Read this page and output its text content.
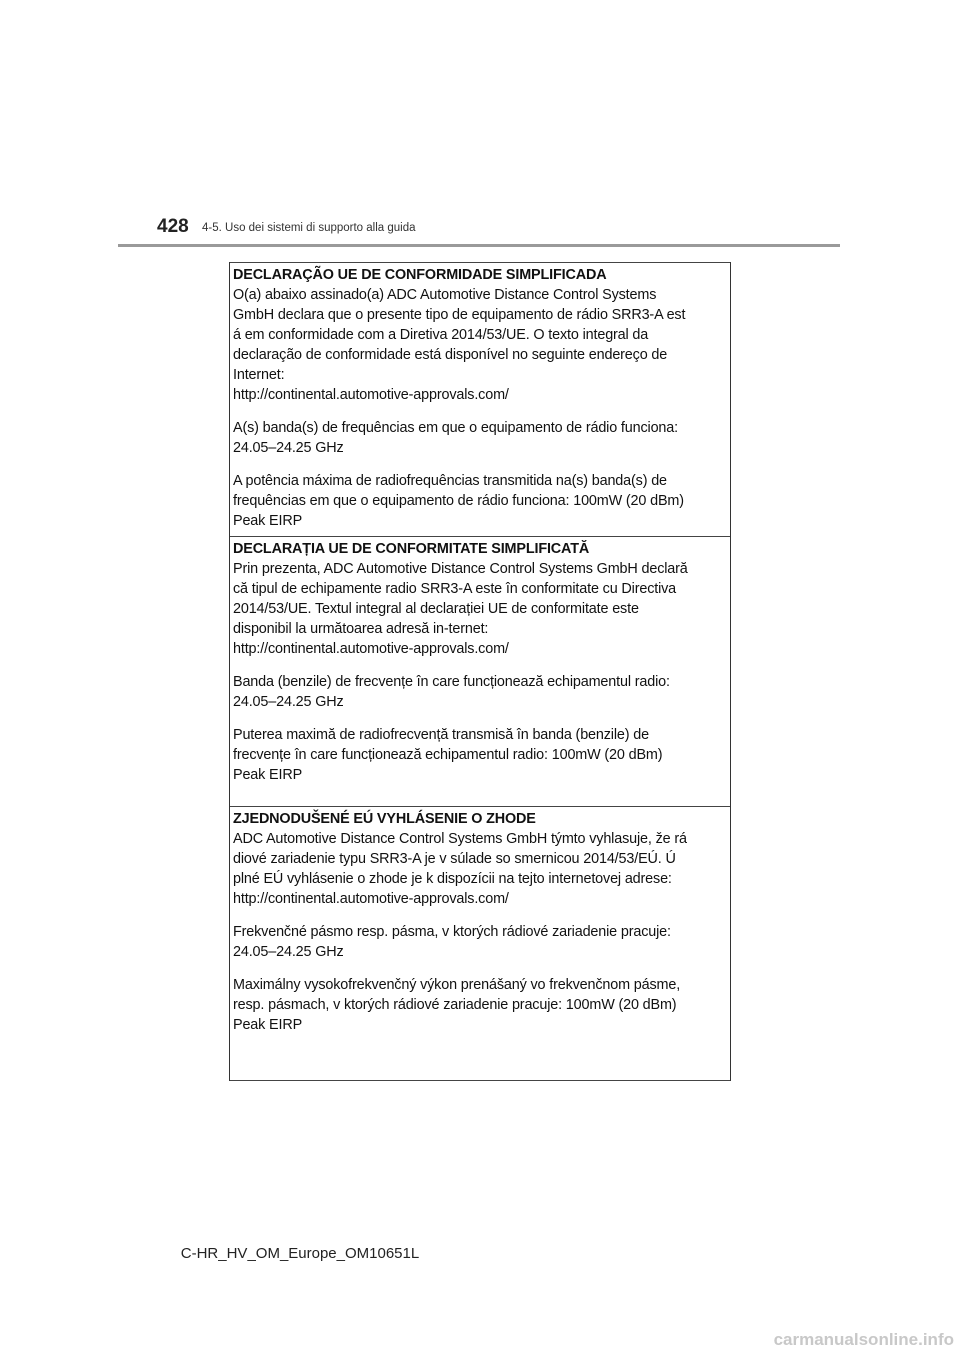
428 4-5. Uso dei sistemi di supporto alla guida
DECLARAÇÃO UE DE CONFORMIDADE SIMPLIFICADA
O(a) abaixo assinado(a) ADC Automotive Distance Control Systems
GmbH declara que o presente tipo de equipamento de rádio SRR3-A est
á em conformidade com a Diretiva 2014/53/UE. O texto integral da
declaração de conformidade está disponível no seguinte endereço de
Internet:
http://continental.automotive-approvals.com/
A(s) banda(s) de frequências em que o equipamento de rádio funciona:
24.05–24.25 GHz
A potência máxima de radiofrequências transmitida na(s) banda(s) de
frequências em que o equipamento de rádio funciona: 100mW (20 dBm)
Peak EIRP
DECLARAȚIA UE DE CONFORMITATE SIMPLIFICATĂ
Prin prezenta, ADC Automotive Distance Control Systems GmbH declară
că tipul de echipamente radio SRR3-A este în conformitate cu Directiva
2014/53/UE. Textul integral al declarației UE de conformitate este
disponibil la următoarea adresă in-ternet:
http://continental.automotive-approvals.com/
Banda (benzile) de frecvențe în care funcționează echipamentul radio:
24.05–24.25 GHz
Puterea maximă de radiofrecvență transmisă în banda (benzile) de
frecvențe în care funcționează echipamentul radio: 100mW (20 dBm)
Peak EIRP
ZJEDNODUŠENÉ EÚ VYHLÁSENIE O ZHODE
ADC Automotive Distance Control Systems GmbH týmto vyhlasuje, že rá
diové zariadenie typu SRR3-A je v súlade so smernicou 2014/53/EÚ. Ú
plné EÚ vyhlásenie o zhode je k dispozícii na tejto internetovej adrese:
http://continental.automotive-approvals.com/
Frekvenčné pásmo resp. pásma, v ktorých rádiové zariadenie pracuje:
24.05–24.25 GHz
Maximálny vysokofrekvenčný výkon prenášaný vo frekvenčnom pásme,
resp. pásmach, v ktorých rádiové zariadenie pracuje: 100mW (20 dBm)
Peak EIRP
C-HR_HV_OM_Europe_OM10651L
carmanualsonline.info
